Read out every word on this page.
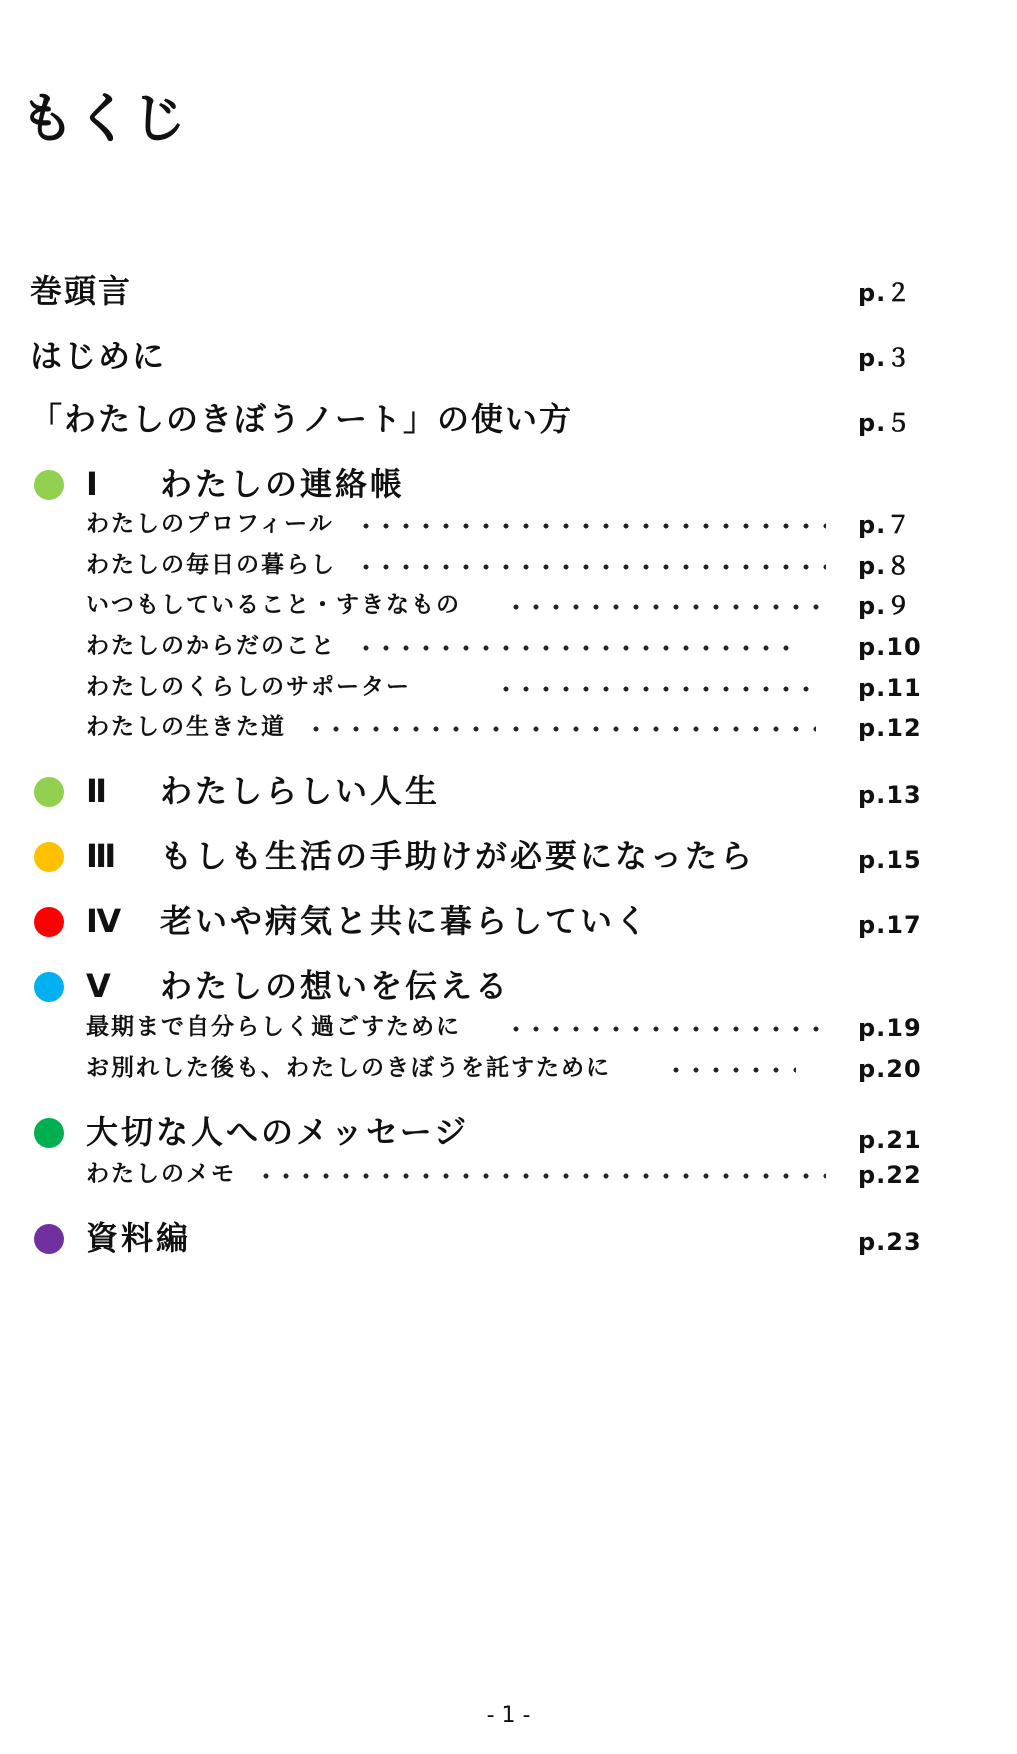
もくじ
巻頭言	p.２
はじめに	p.３
「わたしのきぼうノート」の使い方	p.５
Ⅰ わたしの連絡帳
わたしのプロフィール	p.７
わたしの毎日の暮らし	p.８
いつもしていること・すきなもの	p.９
わたしのからだのこと	p.10
わたしのくらしのサポーター	p.11
わたしの生きた道	p.12
Ⅱ わたしらしい人生	p.13
Ⅲ もしも生活の手助けが必要になったら	p.15
Ⅳ 老いや病気と共に暮らしていく	p.17
Ⅴ わたしの想いを伝える
最期まで自分らしく過ごすために	p.19
お別れした後も、わたしのきぼうを託すために	p.20
大切な人へのメッセージ	p.21
わたしのメモ	p.22
資料編	p.23
- 1 -
